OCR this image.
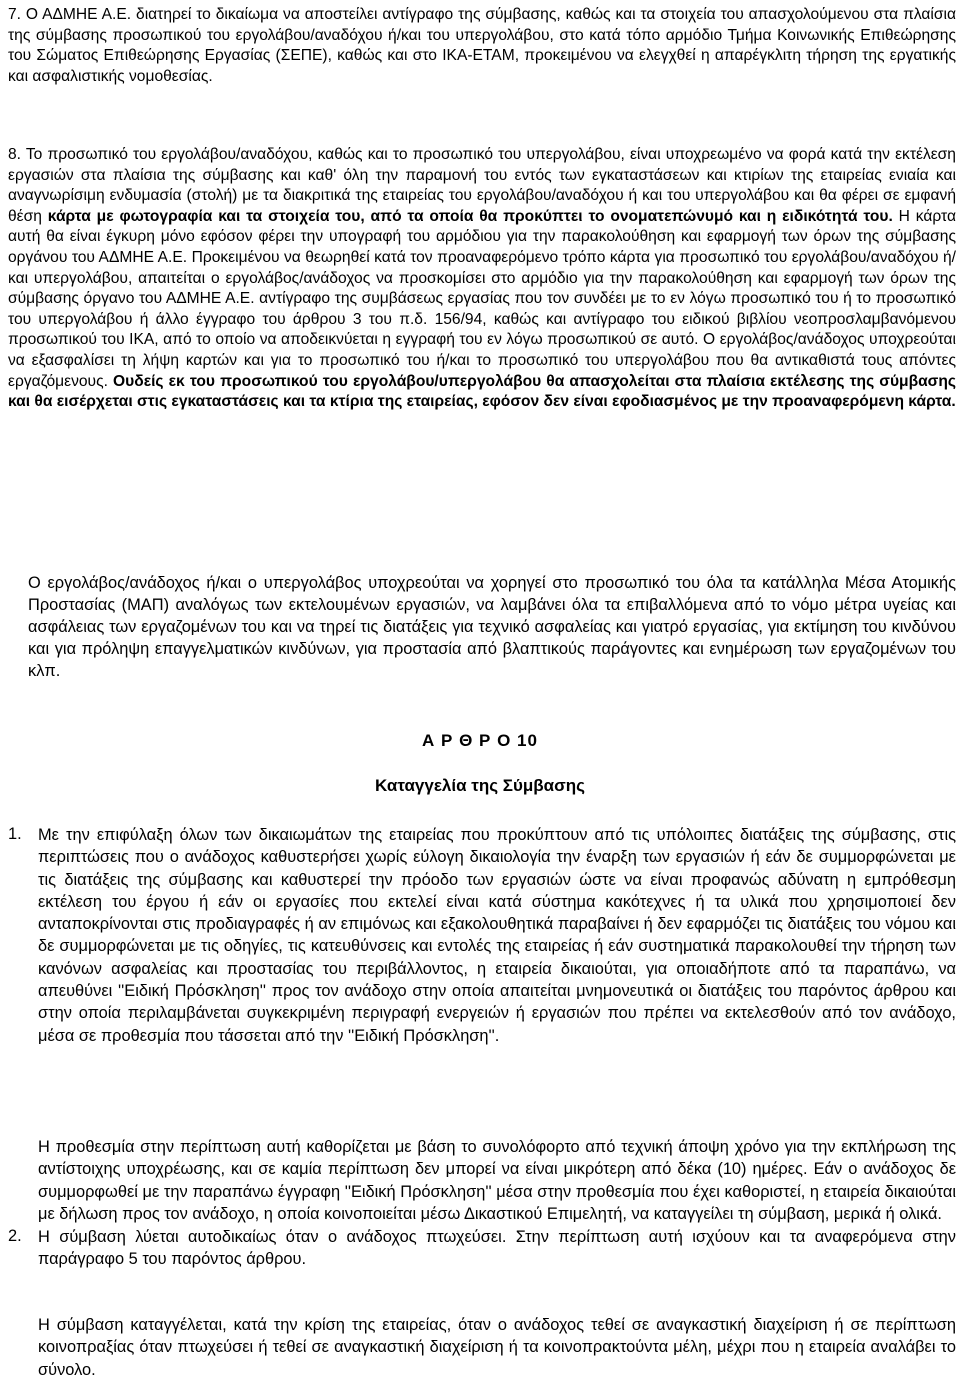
7. Ο ΑΔΜΗΕ Α.Ε. διατηρεί το δικαίωμα να αποστείλει αντίγραφο της σύμβασης, καθώς και τα στοιχεία του απασχολούμενου στα πλαίσια της σύμβασης προσωπικού του εργολάβου/αναδόχου ή/και του υπεργολάβου, στο κατά τόπο αρμόδιο Τμήμα Κοινωνικής Επιθεώρησης του Σώματος Επιθεώρησης Εργασίας (ΣΕΠΕ), καθώς και στο ΙΚΑ-ΕΤΑΜ, προκειμένου να ελεγχθεί η απαρέγκλιτη τήρηση της εργατικής και ασφαλιστικής νομοθεσίας.

8. Το προσωπικό του εργολάβου/αναδόχου, καθώς και το προσωπικό του υπεργολάβου, είναι υποχρεωμένο να φορά κατά την εκτέλεση εργασιών στα πλαίσια της σύμβασης και καθ' όλη την παραμονή του εντός των εγκαταστάσεων και κτιρίων της εταιρείας ενιαία και αναγνωρίσιμη ενδυμασία (στολή) με τα διακριτικά της εταιρείας του εργολάβου/αναδόχου ή και του υπεργολάβου και θα φέρει σε εμφανή θέση κάρτα με φωτογραφία και τα στοιχεία του, από τα οποία θα προκύπτει το ονοματεπώνυμό και η ειδικότητά του. Η κάρτα αυτή θα είναι έγκυρη μόνο εφόσον φέρει την υπογραφή του αρμόδιου για την παρακολούθηση και εφαρμογή των όρων της σύμβασης οργάνου του ΑΔΜΗΕ Α.Ε. Προκειμένου να θεωρηθεί κατά τον προαναφερόμενο τρόπο κάρτα για προσωπικό του εργολάβου/αναδόχου ή/και υπεργολάβου, απαιτείται ο εργολάβος/ανάδοχος να προσκομίσει στο αρμόδιο για την παρακολούθηση και εφαρμογή των όρων της σύμβασης όργανο του ΑΔΜΗΕ Α.Ε. αντίγραφο της συμβάσεως εργασίας που τον συνδέει με το εν λόγω προσωπικό του ή το προσωπικό του υπεργολάβου ή άλλο έγγραφο του άρθρου 3 του π.δ. 156/94, καθώς και αντίγραφο του ειδικού βιβλίου νεοπροσλαμβανόμενου προσωπικού του ΙΚΑ, από το οποίο να αποδεικνύεται η εγγραφή του εν λόγω προσωπικού σε αυτό. Ο εργολάβος/ανάδοχος υποχρεούται να εξασφαλίσει τη λήψη καρτών και για το προσωπικό του ή/και το προσωπικό του υπεργολάβου που θα αντικαθιστά τους απόντες εργαζόμενους. Ουδείς εκ του προσωπικού του εργολάβου/υπεργολάβου θα απασχολείται στα πλαίσια εκτέλεσης της σύμβασης και θα εισέρχεται στις εγκαταστάσεις και τα κτίρια της εταιρείας, εφόσον δεν είναι εφοδιασμένος με την προαναφερόμενη κάρτα.

Ο εργολάβος/ανάδοχος ή/και ο υπεργολάβος υποχρεούται να χορηγεί στο προσωπικό του όλα τα κατάλληλα Μέσα Ατομικής Προστασίας (ΜΑΠ) αναλόγως των εκτελουμένων εργασιών, να λαμβάνει όλα τα επιβαλλόμενα από το νόμο μέτρα υγείας και ασφάλειας των εργαζομένων του και να τηρεί τις διατάξεις για τεχνικό ασφαλείας και γιατρό εργασίας, για εκτίμηση του κινδύνου και για πρόληψη επαγγελματικών κινδύνων, για προστασία από βλαπτικούς παράγοντες και ενημέρωση των εργαζομένων του κλπ.

Α Ρ Θ Ρ Ο 10
Καταγγελία της Σύμβασης
1. Με την επιφύλαξη όλων των δικαιωμάτων της εταιρείας που προκύπτουν από τις υπόλοιπες διατάξεις της σύμβασης, στις περιπτώσεις που ο ανάδοχος καθυστερήσει χωρίς εύλογη δικαιολογία την έναρξη των εργασιών ή εάν δε συμμορφώνεται με τις διατάξεις της σύμβασης και καθυστερεί την πρόοδο των εργασιών ώστε να είναι προφανώς αδύνατη η εμπρόθεσμη εκτέλεση του έργου ή εάν οι εργασίες που εκτελεί είναι κατά σύστημα κακότεχνες ή τα υλικά που χρησιμοποιεί δεν ανταποκρίνονται στις προδιαγραφές ή αν επιμόνως και εξακολουθητικά παραβαίνει ή δεν εφαρμόζει τις διατάξεις του νόμου και δε συμμορφώνεται με τις οδηγίες, τις κατευθύνσεις και εντολές της εταιρείας ή εάν συστηματικά παρακολουθεί την τήρηση των κανόνων ασφαλείας και προστασίας του περιβάλλοντος, η εταιρεία δικαιούται, για οποιαδήποτε από τα παραπάνω, να απευθύνει ''Ειδική Πρόσκληση'' προς τον ανάδοχο στην οποία απαιτείται μνημονευτικά οι διατάξεις του παρόντος άρθρου και στην οποία περιλαμβάνεται συγκεκριμένη περιγραφή ενεργειών ή εργασιών που πρέπει να εκτελεσθούν από τον ανάδοχο, μέσα σε προθεσμία που τάσσεται από την ''Ειδική Πρόσκληση''.
Η προθεσμία στην περίπτωση αυτή καθορίζεται με βάση το συνολόφορτο από τεχνική άποψη χρόνο για την εκπλήρωση της αντίστοιχης υποχρέωσης, και σε καμία περίπτωση δεν μπορεί να είναι μικρότερη από δέκα (10) ημέρες. Εάν ο ανάδοχος δε συμμορφωθεί με την παραπάνω έγγραφη ''Ειδική Πρόσκληση'' μέσα στην προθεσμία που έχει καθοριστεί, η εταιρεία δικαιούται με δήλωση προς τον ανάδοχο, η οποία κοινοποιείται μέσω Δικαστικού Επιμελητή, να καταγγείλει τη σύμβαση, μερικά ή ολικά.
2. Η σύμβαση λύεται αυτοδικαίως όταν ο ανάδοχος πτωχεύσει. Στην περίπτωση αυτή ισχύουν και τα αναφερόμενα στην παράγραφο 5 του παρόντος άρθρου.
Η σύμβαση καταγγέλεται, κατά την κρίση της εταιρείας, όταν ο ανάδοχος τεθεί σε αναγκαστική διαχείριση ή σε περίπτωση κοινοπραξίας όταν πτωχεύσει ή τεθεί σε αναγκαστική διαχείριση ή τα κοινοπρακτούντα μέλη, μέχρι που η εταιρεία αναλάβει το σύνολο.
